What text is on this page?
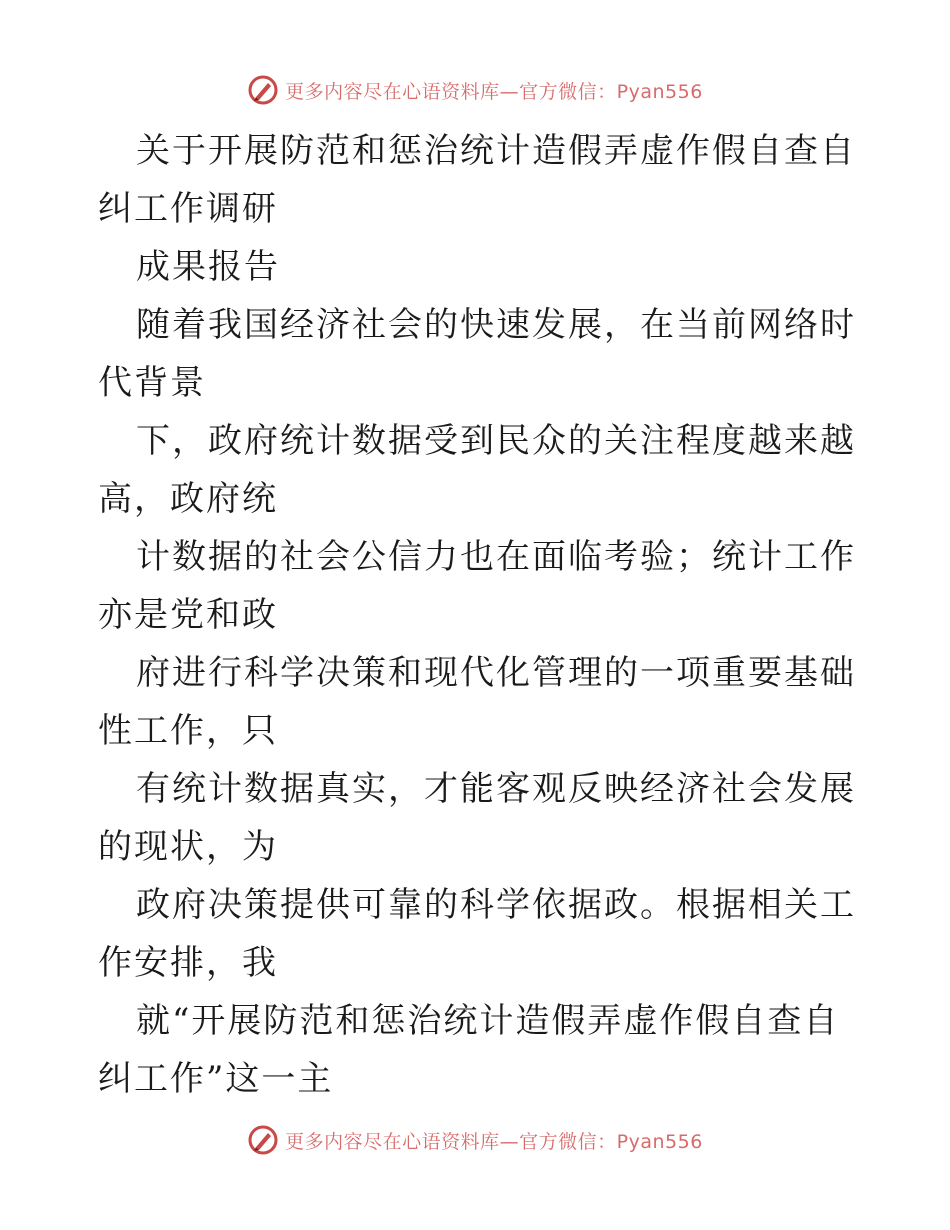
更多内容尽在心语资料库—官方微信：Pyan556

关于开展防范和惩治统计造假弄虚作假自查自纠工作调研

成果报告

随着我国经济社会的快速发展，在当前网络时代背景

下，政府统计数据受到民众的关注程度越来越高，政府统

计数据的社会公信力也在面临考验；统计工作亦是党和政

府进行科学决策和现代化管理的一项重要基础性工作，只

有统计数据真实，才能客观反映经济社会发展的现状，为

政府决策提供可靠的科学依据政。根据相关工作安排，我

就“开展防范和惩治统计造假弄虚作假自查自纠工作”这一主

更多内容尽在心语资料库—官方微信：Pyan556
